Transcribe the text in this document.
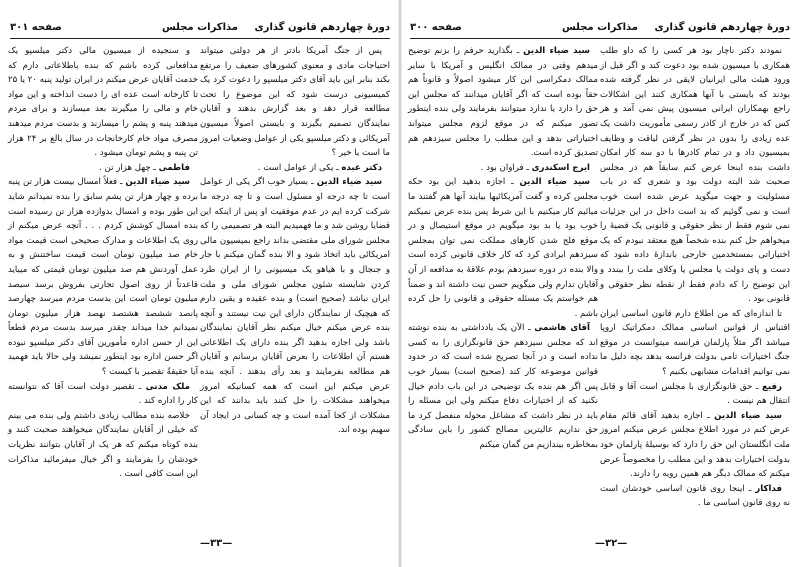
دورهٔ چهاردهم قانون گذاری
مذاکرات مجلس
صفحه ۳۰۱

پس از جنگ آمریکا بادتر از هر دولتی میتواند احتیاجات مادی و معنوی کشورهای ضعیف را مرتفع بکند بنابر این باید آقای دکتر میلسپو را دعوت کرد یک کمیسیونی درست شود که این موضوع را تحت مطالعه قرار دهد و بعد گزارش بدهند و آقایان نمایندگان تصمیم بگیرند و بایستی اصولاً میسیون آمریکائی و دکتر میلسپو یکی از عوامل وضعیات امروز ما است یا خیر ؟

دکتر عبده ـ یکی از عوامل است .

سید ضیاء الدین ـ بسیار خوب اگر یکی از عوامل است تا چه درجه او مسئول است و تا چه درجه ما شرکت کرده ایم در عدم موفقیت او پس از اینکه این قضایا روشن شد و ما فهمیدیم البته هر تصمیمی را که مجلس شورای ملی مقتضی بداند راجع بمیسیون مالی امریکائی باید اتخاذ شود و الا بنده گمان میکنم با جار و جنجال و با هیاهو یک میسیونی را از ایران طرد کردن شایسته شئون مجلس شورای ملی و ملت ایران نباشد (صحیح است) و بنده عقیده و یقین دارم که هیچیک از نمایندگان دارای این نیت نیستند و آنچه بنده عرض میکنم خیال میکنم نظر آقایان نمایندگان باشد ولی اجازه بدهید اگر بنده دارای یک اطلاعاتی هستم آن اطلاعات را بعرض آقایان برسانم و آقایان هم مطالعه بفرمایند و بعد رأی بدهند . آنچه بنده عرض میکنم این است که همه کسانیکه امروز میخواهند مشکلات را حل کنند باید بدانند که این مشکلات از کجا آمده است و چه کسانی در ایجاد آن سهیم بوده اند.

و سنجیده از میسیون مالی دکتر میلسپو یک مدافعانی کرده باشم که بنده باطلاعاتی دارم که خدمت آقایان عرض میکنم در ایران تولید پنبه ۲۰ یا ۲۵ تا کارخانه است عده ای را دست انداخته و این مواد خام و مالی را میگیرند بعد میسازند و برای مردم میدهند پنبه و پشم را میسازند و بدست مردم میدهند مصرف مواد خام کارخانجات در سال بالغ بر ۲۴ هزار تن پنبه و پشم تومان میشود .

فاطمی ـ چهل هزار تن .

سید ضیاء الدین ـ فعلاً امسال بیست هزار تن پنبه برده و چهار هزار تن پشم سابق را بنده نمیدانم شاید این طور بوده و امسال بدوازده هزار تن رسیده است بنده امسال کوشش کردم . . . آنچه عرض میکنم از روی یک اطلاعات و مدارک صحیحی است قیمت مواد خام صد میلیون تومان است قیمت ساختنش و به عمل آوردنش هم صد میلیون تومان قیمتی که میباید قاعدتاً از روی اصول تجارتی بفروش برسد سیصد میلیون تومان است این بدست مردم میرسد چهارصد پانصد ششصد هشتصد نهصد هزار میلیون تومان نمیدانم خدا میداند چقدر میرسد بدست مردم قطعاً این از حسن اداره مأمورین آقای دکتر میلسپو نبوده اگر حسن اداره بود اینطور نمیشد ولی حالا باید فهمید آیا حقیقةً تقصیر با کیست ؟

ملک مدنی ـ تقصیر دولت است آقا که نتوانسته کار را اداره کند .

خلاصه بنده مطالب زیادی داشتم ولی بنده می بینم که خیلی از آقایان نمایندگان میخواهند صحبت کنند و بنده کوتاه میکنم که هر یک از آقایان بتوانند نظریات خودشان را بفرمایند و اگر خیال میفرمائید مذاکرات این است کافی است .

—۳۳—
دورهٔ چهاردهم قانون گذاری
مذاکرات مجلس
صفحه ۳۰۰

نمودند دکتر ناچار بود هر کسی را که داو طلب همکاری با میسیون شده بود دعوت کند و اگر قبل از ورود هیئت مالی ایرانیان لایقی در نظر گرفته شده بودند که بایستی با آنها همکاری کنند این اشکالات راجع بهمکاران ایرانی میسیون پیش نمی آمد و هر کس که در خارج از کادر رسمی مأموریت داشت یک عده زیادی را بدون در نظر گرفتن لیاقت و وظایف بمیسیون داد و در تمام کادرها با دو سه کار امکان داشت بنده اینجا عرض کنم سابقاً هم در مجلس صحبت شد البته دولت بود و شعری که در باب مسئولیت و جهت میگوید عرض شده است خوب است و نمی گوئیم که بد است داخل در این جزئیات نمی شوم فقط از نظر حقوقی و قانونی یک قضیهٔ را میخواهم حل کنم بنده شخصاً هیچ معتقد نبودم که یک اختیاراتی بمستخدمین خارجی باندازهٔ داده شود که دست و پای دولت یا مجلس یا وکلای ملت را ببندد و این توضیح را که دادم فقط از نقطه نظر حقوقی و قانونی بود .

تا اندازه‌ای که من اطلاع دارم قانون اساسی ایران اقتباس از قوانین اساسی ممالک دمکراتیک اروپا میباشد اگر مثلاً پارلمان فرانسه میتوانست در موقع جنگ اختیارات تامی بدولت فرانسه بدهد بچه دلیل ما نمی توانیم اقدامات مشابهی بکنیم ؟

رفیع ـ حق قانونگزاری با مجلس است آقا و قابل انتقال هم نیست .

سید ضیاء الدین ـ اجازه بدهید آقای قائم مقام عرض کنم در مورد اطلاع مجلس عرض میکنم امروز ملت انگلستان این حق را دارد که بوسیلهٔ پارلمان خود بدولت اختیارات بدهد و این مطلب را مخصوصاً عرض میکنم که ممالک دیگر هم همین رویه را دارند.

فداکار ـ اینجا روی قانون اساسی خودشان است نه روی قانون اساسی ما .

سید ضیاء الدین ـ بگذارید حرفم را بزنم توضیح میدهم وقتی در ممالک انگلیس و آمریکا با سایر ممالک دمکراسی این کار میشود اصولاً و قانوناً هم حقاً بوده است که اگر آقایان میدانند که مجلس این حق را دارد یا ندارد میتوانند بفرمایند ولی بنده اینطور تصور میکنم که در موقع لزوم مجلس میتواند اختیاراتی بدهد و این مطلب را مجلس سیزدهم هم تصدیق کرده است.

ایرج اسکندری ـ فراوان بود .

سید ضیاء الدین ـ اجازه بدهید این بود حکه مجلس کرده و گفت آمریکائیها بیایند آنها هم گفتند ما میائیم کار میکنیم با این شرط پس بنده عرض نمیکنم خوب بود یا بد بود میگویم در موقع استیصال و در موقع فلج شدن کارهای مملکت نمی توان بمجلس سیزدهم ایرادی کرد که کار خلاف قانونی کرده است والا بنده در دوره سیزدهم بودم علاقهٔ به مدافعه از آن آقایان ندارم ولی میگویم حسن نیت داشته اند و ضمناً هم خواستم یک مسئله حقوقی و قانونی را حل کرده باشم .

آقای هاشمی ـ الآن یک یادداشتی به بنده نوشته اند که مجلس سیزدهم حق قانونگزاری را به کسی نداده است و در آنجا تصریح شده است که در حدود قوانین موضوعه کار کند (صحیح است) بسیار خوب پس اگر هم بنده یک توضیحی در این باب دادم خیال نکنید که از اختیارات دفاع میکنم ولی این مسئله را باید در نظر داشت که مشاغل محوله منفصل کرد ما حق نداریم عالیترین مصالح کشور را باین سادگی بمخاطره بیندازیم من گمان میکنم

—۳۲—
